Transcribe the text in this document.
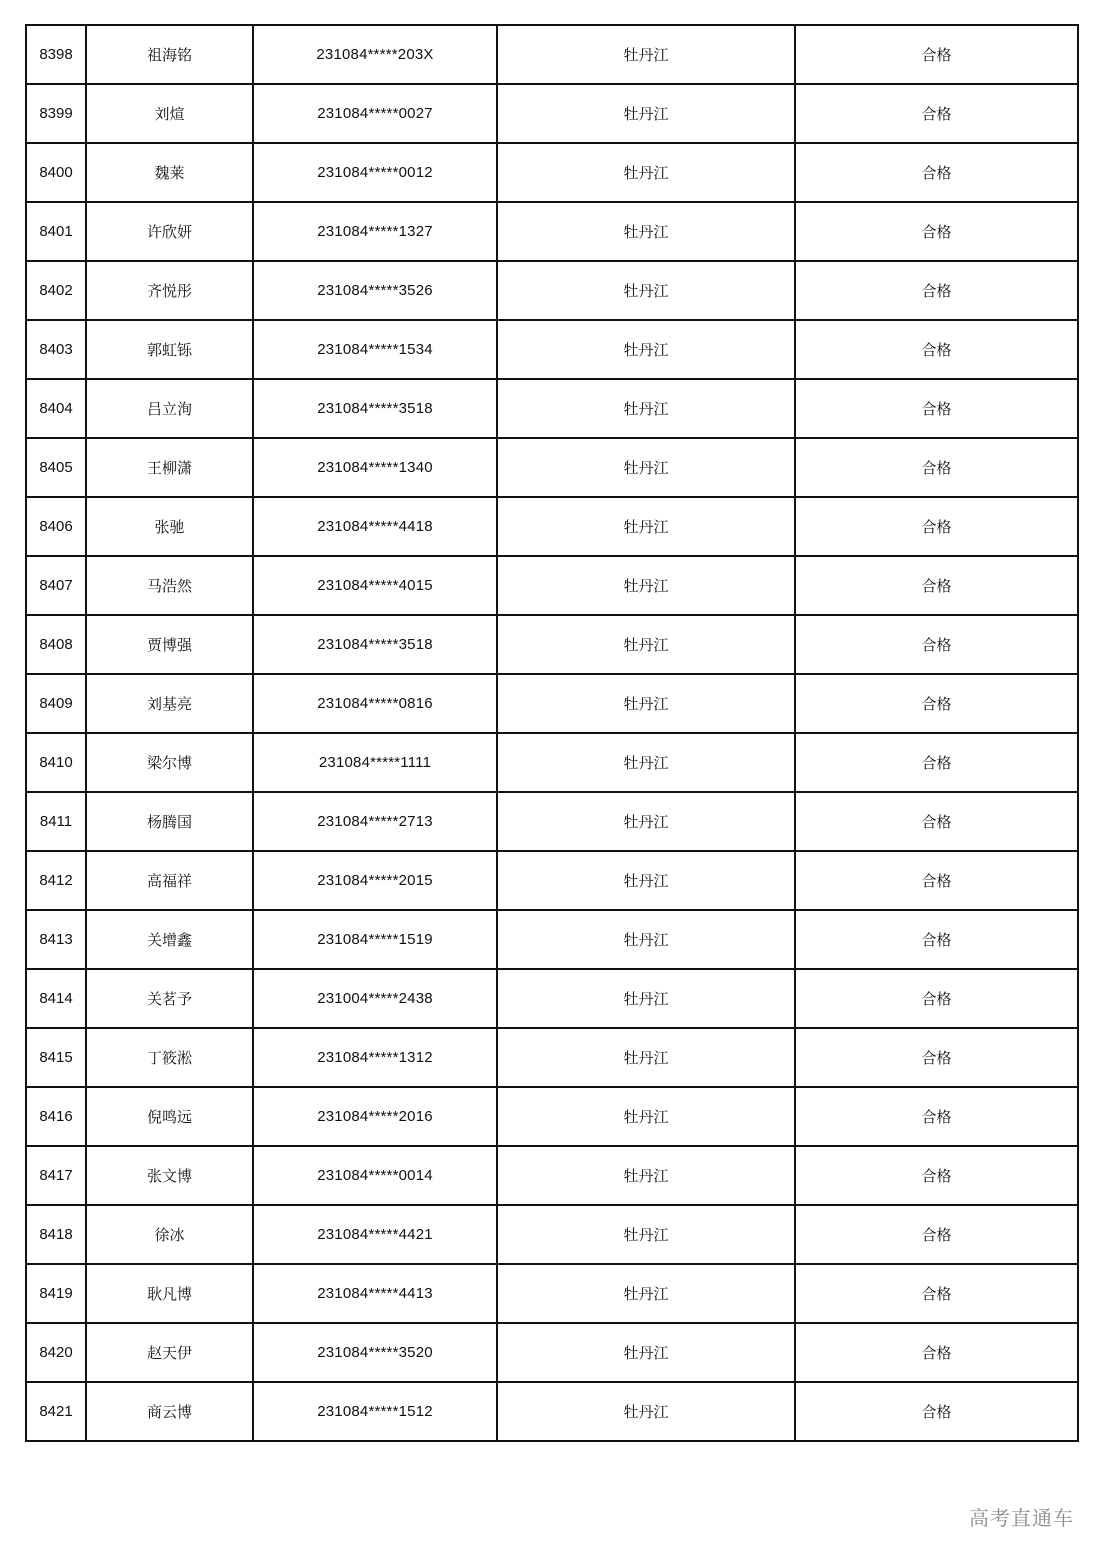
8398	祖海铭	231084*****203X	牡丹江	合格
8399	刘煊	231084*****0027	牡丹江	合格
8400	魏莱	231084*****0012	牡丹江	合格
8401	许欣妍	231084*****1327	牡丹江	合格
8402	齐悦彤	231084*****3526	牡丹江	合格
8403	郭虹铄	231084*****1534	牡丹江	合格
8404	吕立洵	231084*****3518	牡丹江	合格
8405	王柳潇	231084*****1340	牡丹江	合格
8406	张驰	231084*****4418	牡丹江	合格
8407	马浩然	231084*****4015	牡丹江	合格
8408	贾博强	231084*****3518	牡丹江	合格
8409	刘基亮	231084*****0816	牡丹江	合格
8410	梁尔博	231084*****1111	牡丹江	合格
8411	杨腾国	231084*****2713	牡丹江	合格
8412	高福祥	231084*****2015	牡丹江	合格
8413	关增鑫	231084*****1519	牡丹江	合格
8414	关茗予	231004*****2438	牡丹江	合格
8415	丁筱淞	231084*****1312	牡丹江	合格
8416	倪鸣远	231084*****2016	牡丹江	合格
8417	张文博	231084*****0014	牡丹江	合格
8418	徐冰	231084*****4421	牡丹江	合格
8419	耿凡博	231084*****4413	牡丹江	合格
8420	赵天伊	231084*****3520	牡丹江	合格
8421	商云博	231084*****1512	牡丹江	合格
高考直通车
